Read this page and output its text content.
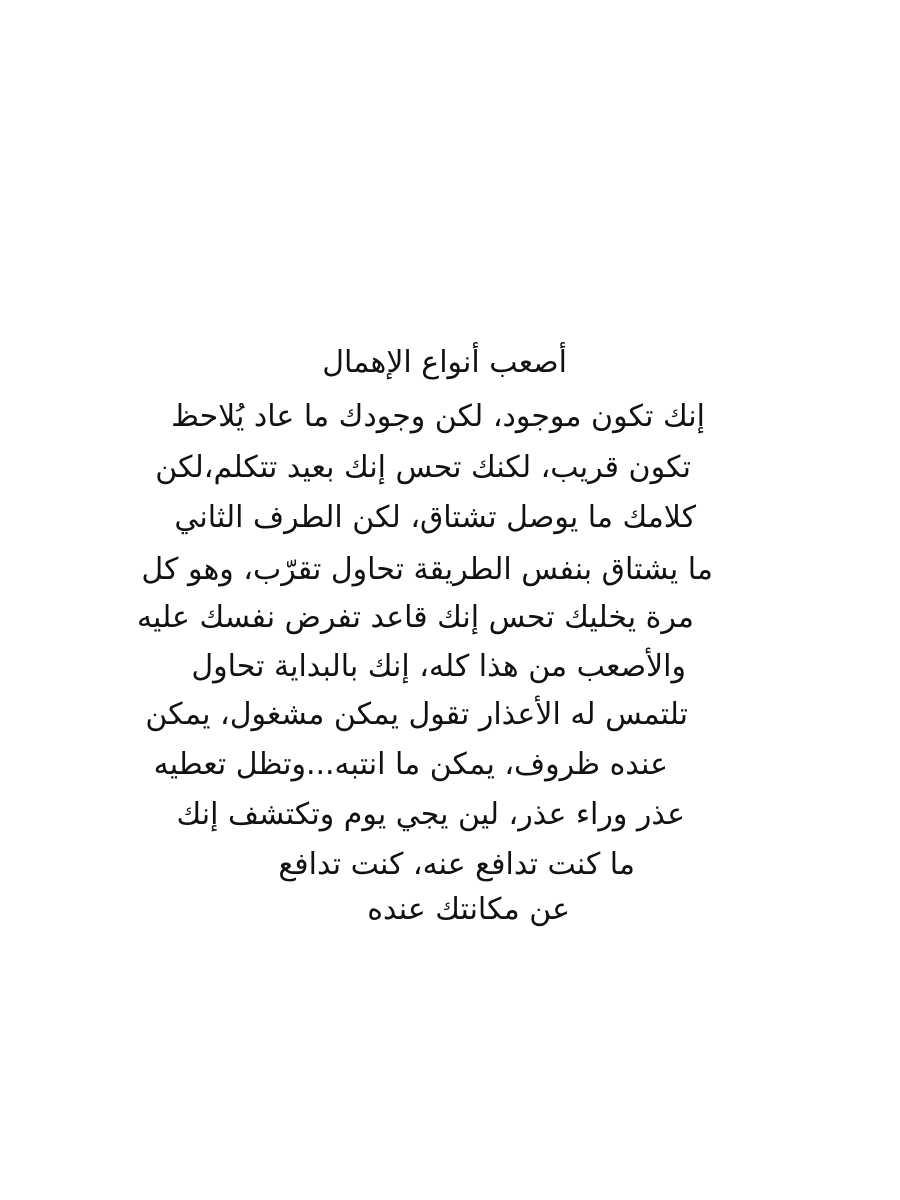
أصعب أنواع الإهمال
إنك تكون موجود، لكن وجودك ما عاد يُلاحظ
تكون قريب، لكنك تحس إنك بعيد تتكلم،لكن
كلامك ما يوصل تشتاق، لكن الطرف الثاني
ما يشتاق بنفس الطريقة تحاول تقرّب، وهو كل
مرة يخليك تحس إنك قاعد تفرض نفسك عليه
والأصعب من هذا كله، إنك بالبداية تحاول
تلتمس له الأعذار تقول يمكن مشغول، يمكن
عنده ظروف، يمكن ما انتبه...وتظل تعطيه
عذر وراء عذر، لين يجي يوم وتكتشف إنك
ما كنت تدافع عنه، كنت تدافع
عن مكانتك عنده
